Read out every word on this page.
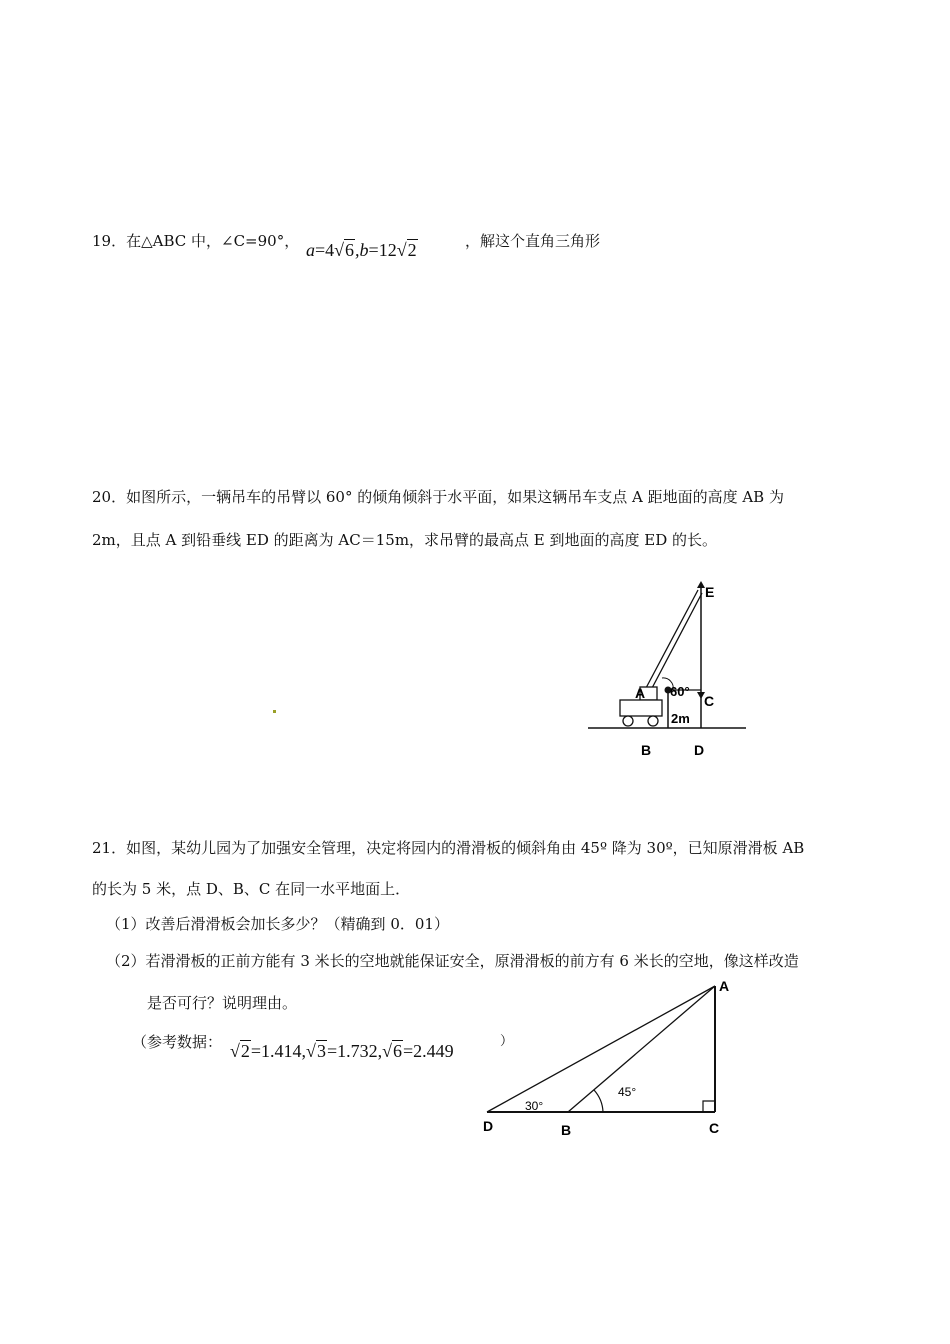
19．在△ABC 中，∠C=90°， a=4√6,b=12√2	，解这个直角三角形
20．如图所示，一辆吊车的吊臂以 60° 的倾角倾斜于水平面，如果这辆吊车支点 A 距地面的高度 AB 为
2m，且点 A 到铅垂线 ED 的距离为 AC＝15m，求吊臂的最高点 E 到地面的高度 ED 的长。
E
A 60°
C
2m
B	D
21．如图，某幼儿园为了加强安全管理，决定将园内的滑滑板的倾斜角由 45º 降为 30º，已知原滑滑板 AB
的长为 5 米，点 D、B、C 在同一水平地面上．
（1）改善后滑滑板会加长多少？（精确到 0．01）
（2）若滑滑板的正前方能有 3 米长的空地就能保证安全，原滑滑板的前方有 6 米长的空地，像这样改造
是否可行？说明理由。
（参考数据： √2=1.414,√3=1.732,√6=2.449	）
A
D	B	C
30°
45°
